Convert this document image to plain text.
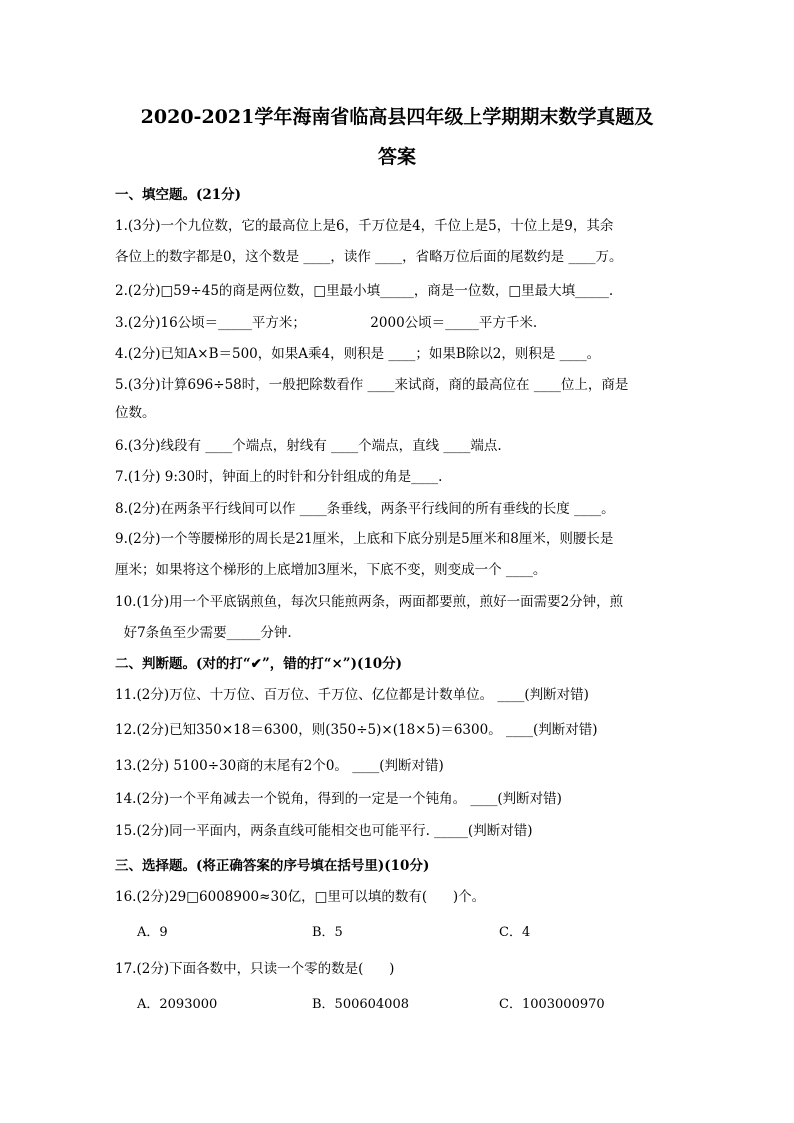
2020-2021学年海南省临高县四年级上学期期末数学真题及
答案
一、填空题。(21分)
1.(3分)一个九位数，它的最高位上是6，千万位是4，千位上是5，十位上是9，其余
各位上的数字都是0，这个数是 ____，读作 ____，省略万位后面的尾数约是 ____万。
2.(2分)□59÷45的商是两位数，□里最小填_____，商是一位数，□里最大填_____.
3.(2分)16公顷＝_____平方米；               2000公顷＝_____平方千米.
4.(2分)已知A×B＝500，如果A乘4，则积是 ____；如果B除以2，则积是 ____。
5.(3分)计算696÷58时，一般把除数看作 ____来试商，商的最高位在 ____位上，商是
位数。
6.(3分)线段有 ____个端点，射线有 ____个端点，直线 ____端点.
7.(1分) 9:30时，钟面上的时针和分针组成的角是____.
8.(2分)在两条平行线间可以作 ____条垂线，两条平行线间的所有垂线的长度 ____。
9.(2分)一个等腰梯形的周长是21厘米，上底和下底分别是5厘米和8厘米，则腰长是
厘米；如果将这个梯形的上底增加3厘米，下底不变，则变成一个 ____。
10.(1分)用一个平底锅煎鱼，每次只能煎两条，两面都要煎，煎好一面需要2分钟，煎
好7条鱼至少需要_____分钟.
二、判断题。(对的打“✔”，错的打“×”)(10分)
11.(2分)万位、十万位、百万位、千万位、亿位都是计数单位。 ____(判断对错)
12.(2分)已知350×18＝6300，则(350÷5)×(18×5)＝6300。 ____(判断对错)
13.(2分) 5100÷30商的末尾有2个0。 ____(判断对错)
14.(2分)一个平角减去一个锐角，得到的一定是一个钝角。 ____(判断对错)
15.(2分)同一平面内，两条直线可能相交也可能平行. _____(判断对错)
三、选择题。(将正确答案的序号填在括号里)(10分)
16.(2分)29□6008900≈30亿，□里可以填的数有(      )个。
A．9	B．5	C．4
17.(2分)下面各数中，只读一个零的数是(      )
A．2093000	B．500604008	C．1003000970
